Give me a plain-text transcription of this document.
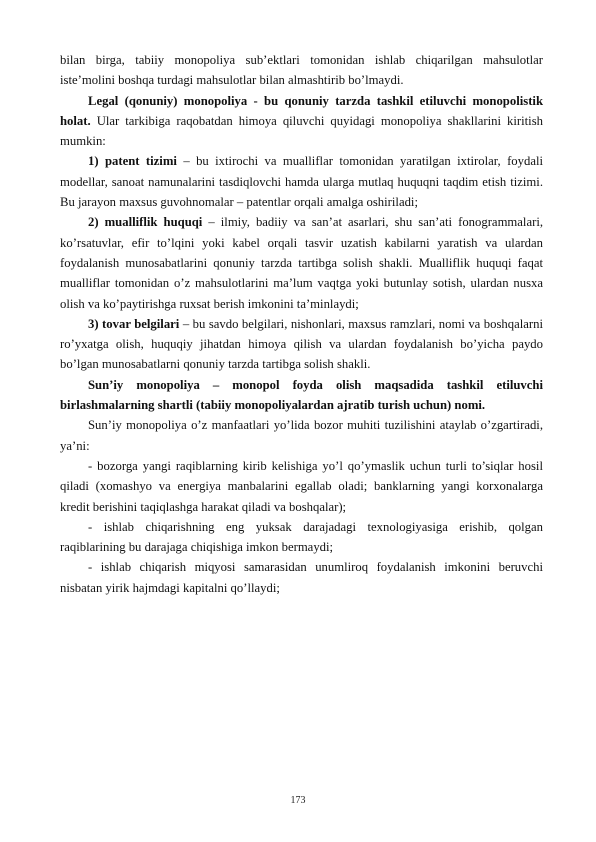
bilan birga, tabiiy monopoliya sub’ektlari tomonidan ishlab chiqarilgan mahsulotlar iste’molini boshqa turdagi mahsulotlar bilan almashtirib bo’lmaydi.

Legal (qonuniy) monopoliya - bu qonuniy tarzda tashkil etiluvchi monopolistik holat. Ular tarkibiga raqobatdan himoya qiluvchi quyidagi monopoliya shakllarini kiritish mumkin:

1) patent tizimi – bu ixtirochi va mualliflar tomonidan yaratilgan ixtirolar, foydali modellar, sanoat namunalarini tasdiqlovchi hamda ularga mutlaq huquqni taqdim etish tizimi. Bu jarayon maxsus guvohnomalar – patentlar orqali amalga oshiriladi;

2) mualliflik huquqi – ilmiy, badiiy va san’at asarlari, shu san’ati fonogrammalari, ko’rsatuvlar, efir to’lqini yoki kabel orqali tasvir uzatish kabilarni yaratish va ulardan foydalanish munosabatlarini qonuniy tarzda tartibga solish shakli. Mualliflik huquqi faqat mualliflar tomonidan o’z mahsulotlarini ma’lum vaqtga yoki butunlay sotish, ulardan nusxa olish va ko’paytirishga ruxsat berish imkonini ta’minlaydi;

3) tovar belgilari – bu savdo belgilari, nishonlari, maxsus ramzlari, nomi va boshqalarni ro’yxatga olish, huquqiy jihatdan himoya qilish va ulardan foydalanish bo’yicha paydo bo’lgan munosabatlarni qonuniy tarzda tartibga solish shakli.

Sun’iy monopoliya – monopol foyda olish maqsadida tashkil etiluvchi birlashmalarning shartli (tabiiy monopoliyalardan ajratib turish uchun) nomi.

Sun’iy monopoliya o’z manfaatlari yo’lida bozor muhiti tuzilishini ataylab o’zgartiradi, ya’ni:

- bozorga yangi raqiblarning kirib kelishiga yo’l qo’ymaslik uchun turli to’siqlar hosil qiladi (xomashyo va energiya manbalarini egallab oladi; banklarning yangi korxonalarga kredit berishini taqiqlashga harakat qiladi va boshqalar);

- ishlab chiqarishning eng yuksak darajadagi texnologiyasiga erishib, qolgan raqiblarining bu darajaga chiqishiga imkon bermaydi;

- ishlab chiqarish miqyosi samarasidan unumliroq foydalanish imkonini beruvchi nisbatan yirik hajmdagi kapitalni qo’llaydi;

173
